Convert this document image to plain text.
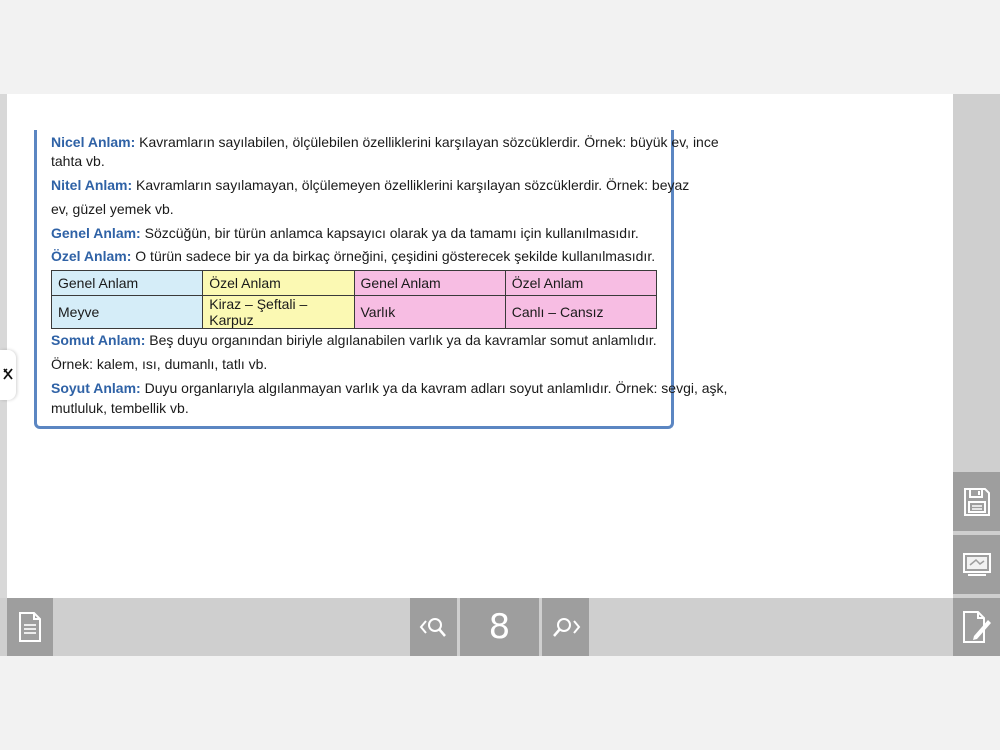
8
Nicel Anlam: Kavramların sayılabilen, ölçülebilen özelliklerini karşılayan sözcüklerdir. Örnek: büyük ev, ince
tahta vb.
Nitel Anlam: Kavramların sayılamayan, ölçülemeyen özelliklerini karşılayan sözcüklerdir. Örnek: beyaz
ev, güzel yemek vb.
Genel Anlam: Sözcüğün, bir türün anlamca kapsayıcı olarak ya da tamamı için kullanılmasıdır.
Özel Anlam: O türün sadece bir ya da birkaç örneğini, çeşidini gösterecek şekilde kullanılmasıdır.
Genel Anlam	Özel Anlam	Genel Anlam	Özel Anlam
Meyve	Kiraz – Şeftali – Karpuz	Varlık	Canlı – Cansız
Somut Anlam: Beş duyu organından biriyle algılanabilen varlık ya da kavramlar somut anlamlıdır.
Örnek: kalem, ısı, dumanlı, tatlı vb.
Soyut Anlam: Duyu organlarıyla algılanmayan varlık ya da kavram adları soyut anlamlıdır. Örnek: sevgi, aşk,
mutluluk, tembellik vb.
